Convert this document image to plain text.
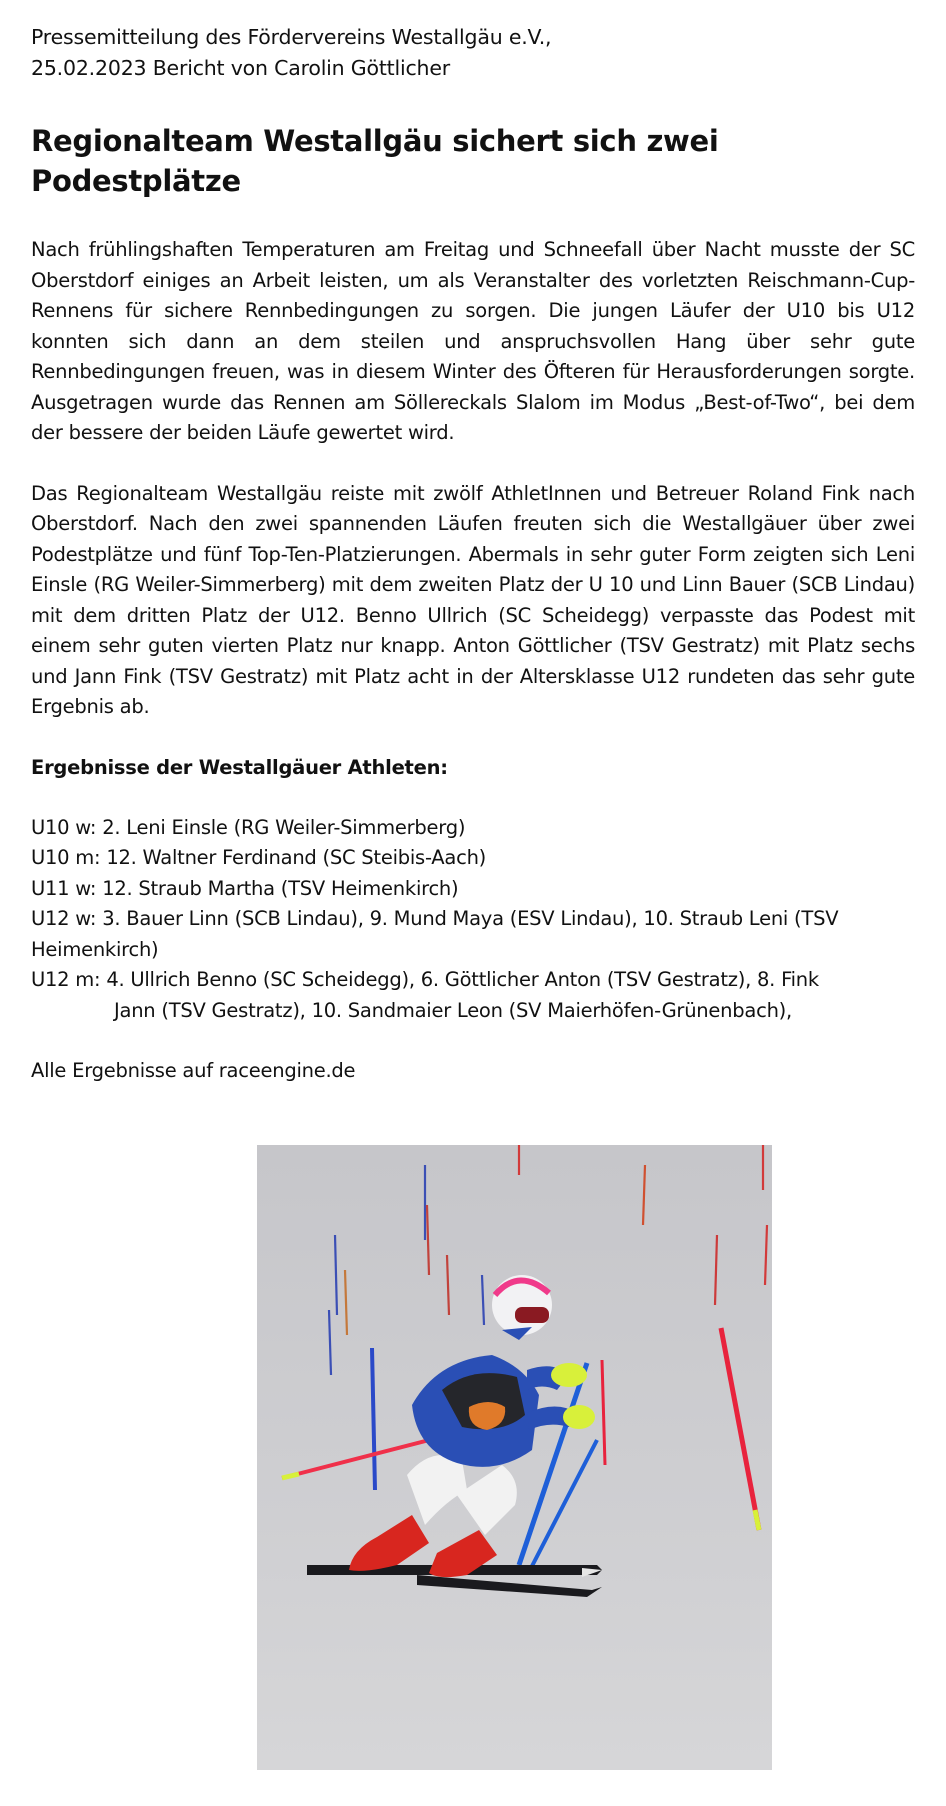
Pressemitteilung des Fördervereins Westallgäu e.V.,
25.02.2023 Bericht von Carolin Göttlicher
Regionalteam Westallgäu sichert sich zwei Podestplätze
Nach frühlingshaften Temperaturen am Freitag und Schneefall über Nacht musste der SC Oberstdorf einiges an Arbeit leisten, um als Veranstalter des vorletzten Reischmann-Cup-Rennens für sichere Rennbedingungen zu sorgen. Die jungen Läufer der U10 bis U12 konnten sich dann an dem steilen und anspruchsvollen Hang über sehr gute Rennbedingungen freuen, was in diesem Winter des Öfteren für Herausforderungen sorgte. Ausgetragen wurde das Rennen am Söllereckals Slalom im Modus „Best-of-Two“, bei dem der bessere der beiden Läufe gewertet wird.
Das Regionalteam Westallgäu reiste mit zwölf AthletInnen und Betreuer Roland Fink nach Oberstdorf. Nach den zwei spannenden Läufen freuten sich die Westallgäuer über zwei Podestplätze und fünf Top-Ten-Platzierungen. Abermals in sehr guter Form zeigten sich Leni Einsle (RG Weiler-Simmerberg) mit dem zweiten Platz der U 10 und Linn Bauer (SCB Lindau) mit dem dritten Platz der U12. Benno Ullrich (SC Scheidegg) verpasste das Podest mit einem sehr guten vierten Platz nur knapp. Anton Göttlicher (TSV Gestratz) mit Platz sechs und Jann Fink (TSV Gestratz) mit Platz acht in der Altersklasse U12 rundeten das sehr gute Ergebnis ab.
Ergebnisse der Westallgäuer Athleten:
U10 w:
2. Leni Einsle (RG Weiler-Simmerberg)
U10 m:
12. Waltner Ferdinand (SC Steibis-Aach)
U11 w:
12. Straub Martha (TSV Heimenkirch)
U12 w: 3. Bauer Linn (SCB Lindau), 9. Mund Maya (ESV Lindau), 10. Straub Leni (TSV
Heimenkirch)
U12 m: 4. Ullrich Benno (SC Scheidegg), 6. Göttlicher Anton (TSV Gestratz), 8. Fink
Jann (TSV Gestratz), 10. Sandmaier Leon (SV Maierhöfen-Grünenbach),
Alle Ergebnisse auf raceengine.de
